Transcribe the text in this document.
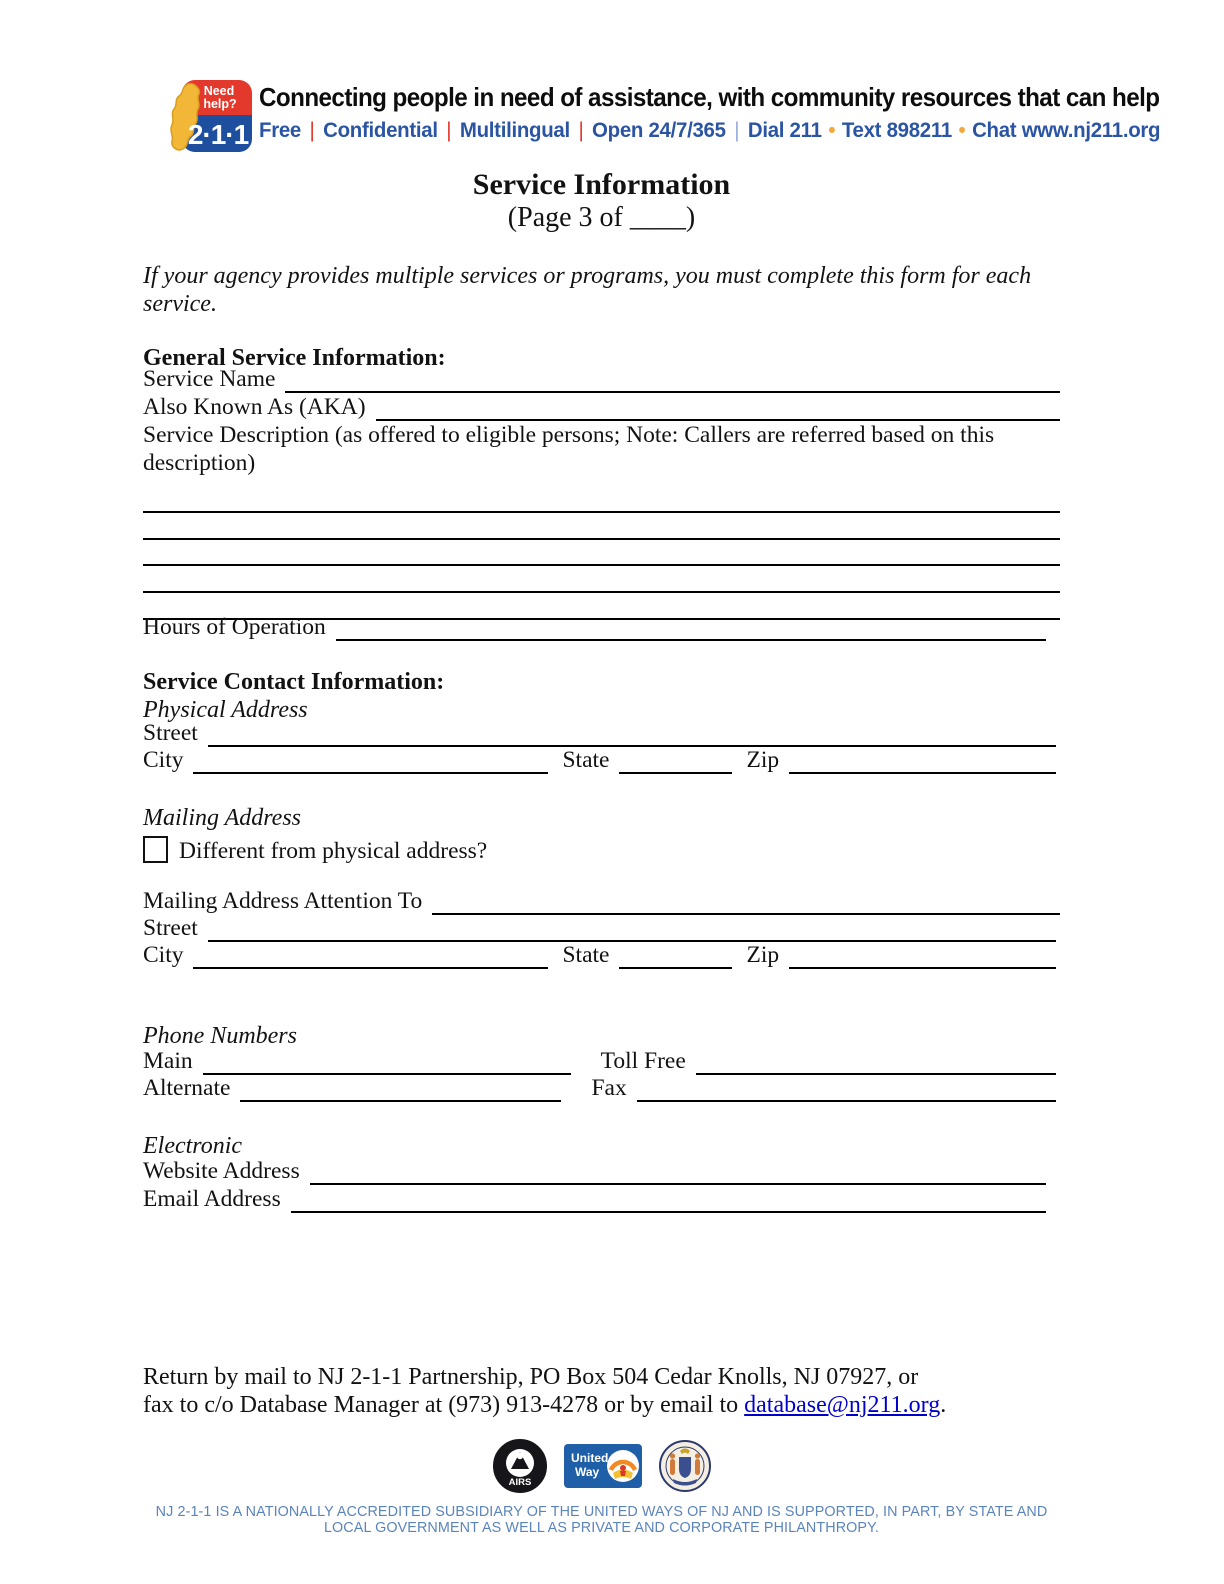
Need
help?
2·1·1
Connecting people in need of assistance, with community resources that can help
Free | Confidential | Multilingual | Open 24/7/365 | Dial 211 • Text 898211 • Chat www.nj211.org
Service Information
(Page 3 of ____)
If your agency provides multiple services or programs, you must complete this form for each service.
General Service Information:
Service Name
Also Known As (AKA)
Service Description (as offered to eligible persons; Note: Callers are referred based on this description)
Hours of Operation
Service Contact Information:
Physical Address
Street
City	State	Zip
Mailing Address
Different from physical address?
Mailing Address Attention To
Street
City	State	Zip
Phone Numbers
Main	Toll Free
Alternate	Fax
Electronic
Website Address
Email Address
Return by mail to NJ 2-1-1 Partnership, PO Box 504 Cedar Knolls, NJ 07927, or
fax to c/o Database Manager at (973) 913-4278 or by email to database@nj211.org.
AIRS
United
Way
NJ 2-1-1 IS A NATIONALLY ACCREDITED SUBSIDIARY OF THE UNITED WAYS OF NJ AND IS SUPPORTED, IN PART, BY STATE AND LOCAL GOVERNMENT AS WELL AS PRIVATE AND CORPORATE PHILANTHROPY.
